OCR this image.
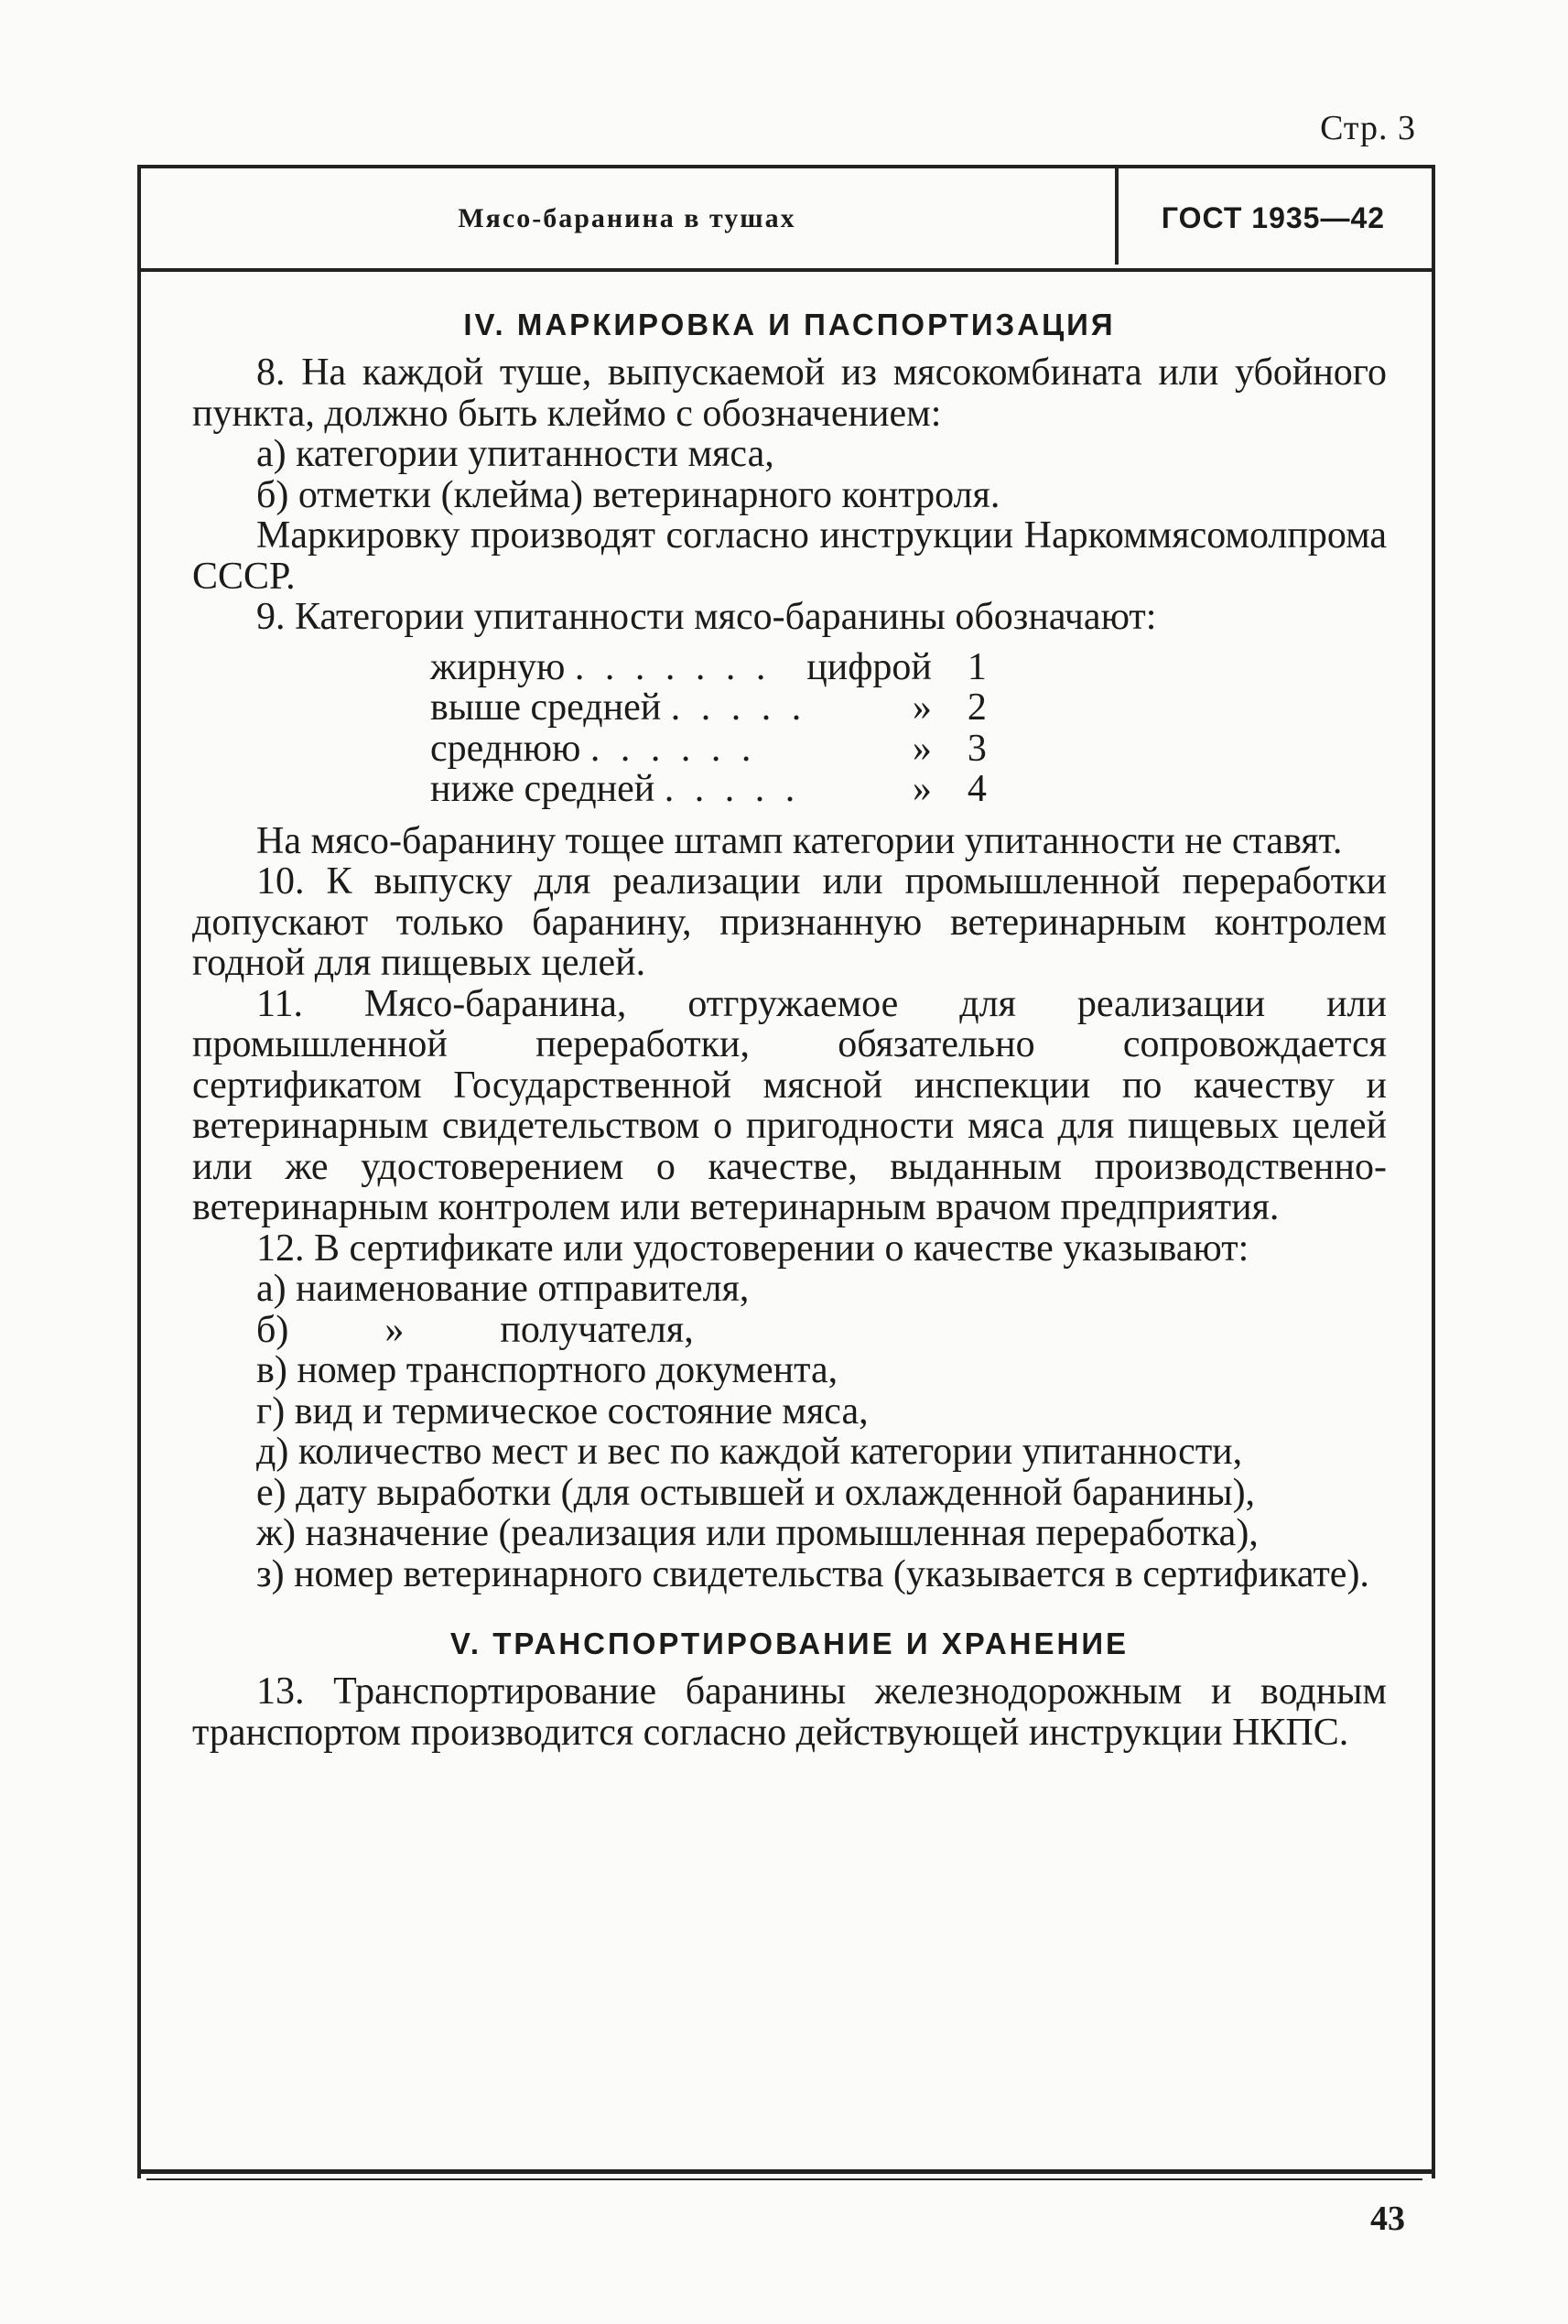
Стр. 3
Мясо-баранина в тушах	ГОСТ 1935—42
IV. МАРКИРОВКА И ПАСПОРТИЗАЦИЯ
8. На каждой туше, выпускаемой из мясокомбината или убойного пункта, должно быть клеймо с обозначением:
а) категории упитанности мяса,
б) отметки (клейма) ветеринарного контроля.
Маркировку производят согласно инструкции Наркоммясомолпрома СССР.
9. Категории упитанности мясо-баранины обозначают:
жирную . . . . . . .	цифрой	1
выше средней . . . . .	»	2
среднюю . . . . . .	»	3
ниже средней . . . . .	»	4
На мясо-баранину тощее штамп категории упитанности не ставят.
10. К выпуску для реализации или промышленной переработки допускают только баранину, признанную ветеринарным контролем годной для пищевых целей.
11. Мясо-баранина, отгружаемое для реализации или промышленной переработки, обязательно сопровождается сертификатом Государственной мясной инспекции по качеству и ветеринарным свидетельством о пригодности мяса для пищевых целей или же удостоверением о качестве, выданным производственно-ветеринарным контролем или ветеринарным врачом предприятия.
12. В сертификате или удостоверении о качестве указывают:
а) наименование отправителя,
б)          »          получателя,
в) номер транспортного документа,
г) вид и термическое состояние мяса,
д) количество мест и вес по каждой категории упитанности,
е) дату выработки (для остывшей и охлажденной баранины),
ж) назначение (реализация или промышленная переработка),
з) номер ветеринарного свидетельства (указывается в сертификате).
V. ТРАНСПОРТИРОВАНИЕ И ХРАНЕНИЕ
13. Транспортирование баранины железнодорожным и водным транспортом производится согласно действующей инструкции НКПС.
43
